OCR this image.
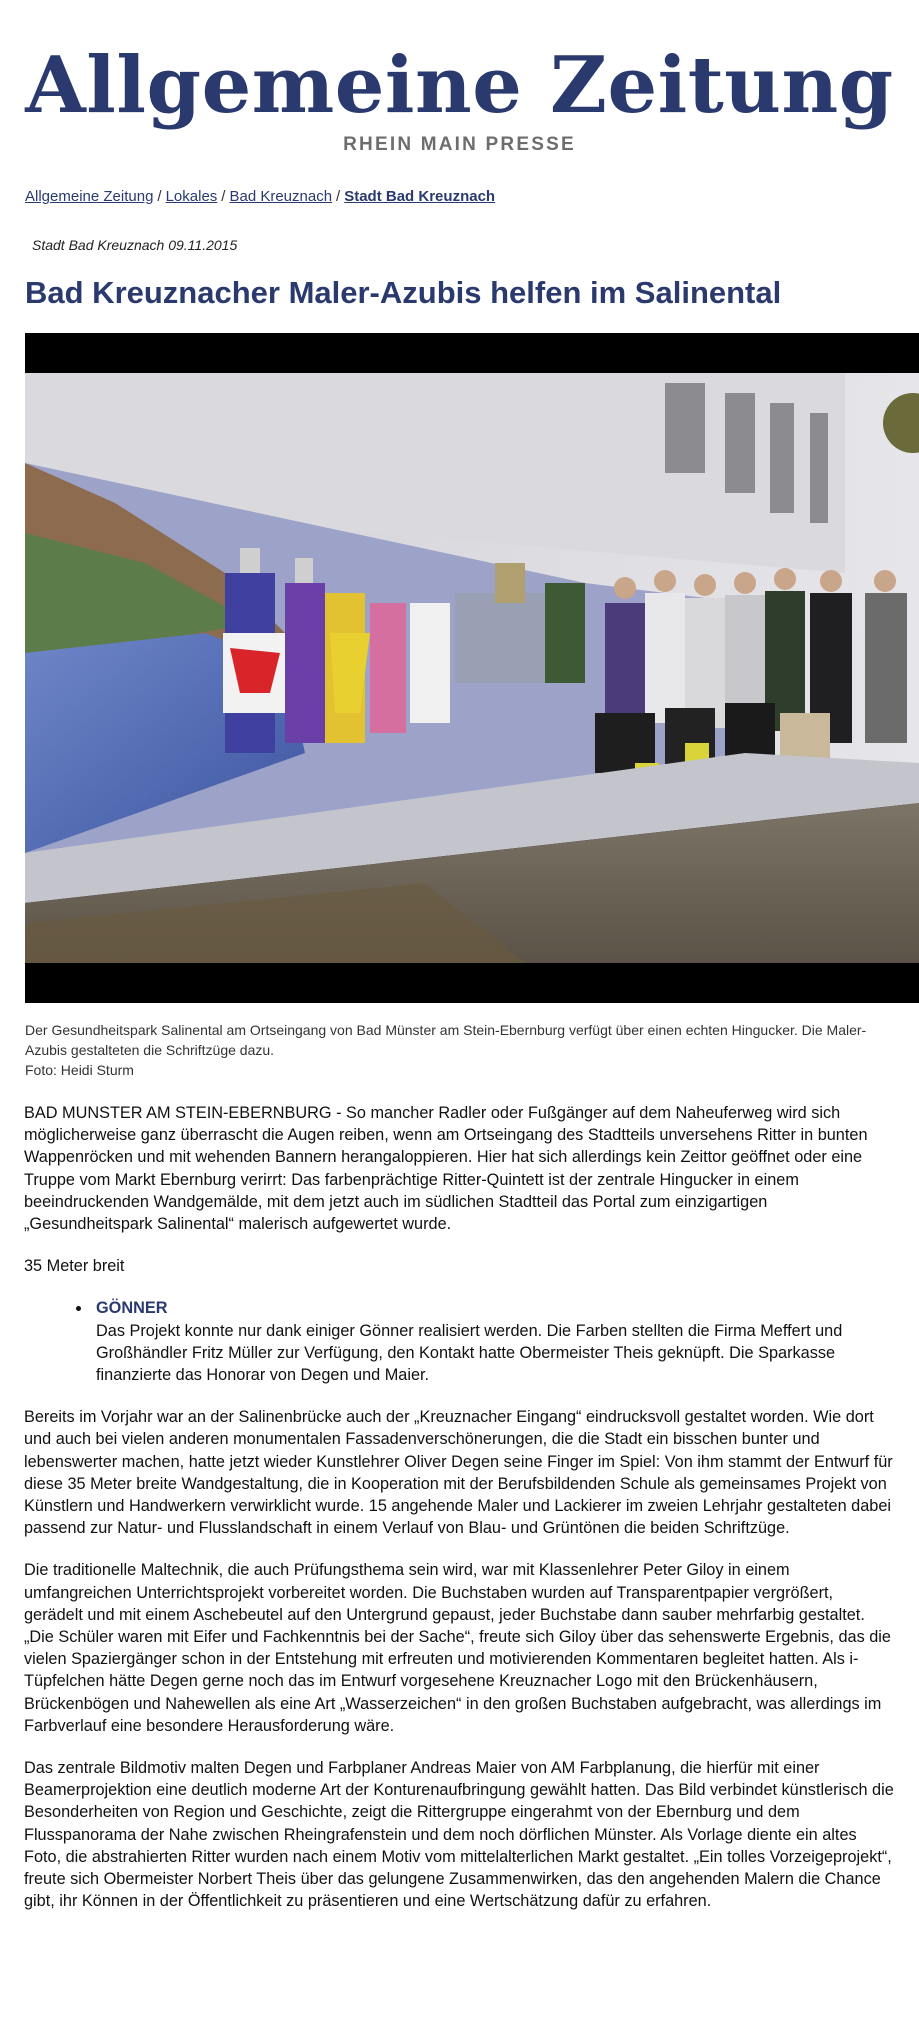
Allgemeine Zeitung
RHEIN MAIN PRESSE
Allgemeine Zeitung / Lokales / Bad Kreuznach / Stadt Bad Kreuznach
Stadt Bad Kreuznach 09.11.2015
Bad Kreuznacher Maler-Azubis helfen im Salinental
Der Gesundheitspark Salinental am Ortseingang von Bad Münster am Stein-Ebernburg verfügt über einen echten Hingucker. Die Maler-Azubis gestalteten die Schriftzüge dazu.
Foto: Heidi Sturm

BAD MUNSTER AM STEIN-EBERNBURG - So mancher Radler oder Fußgänger auf dem Naheuferweg wird sich möglicherweise ganz überrascht die Augen reiben, wenn am Ortseingang des Stadtteils unversehens Ritter in bunten Wappenröcken und mit wehenden Bannern herangaloppieren. Hier hat sich allerdings kein Zeittor geöffnet oder eine Truppe vom Markt Ebernburg verirrt: Das farbenprächtige Ritter-Quintett ist der zentrale Hingucker in einem beeindruckenden Wandgemälde, mit dem jetzt auch im südlichen Stadtteil das Portal zum einzigartigen „Gesundheitspark Salinental“ malerisch aufgewertet wurde.

35 Meter breit
• GÖNNER
Das Projekt konnte nur dank einiger Gönner realisiert werden. Die Farben stellten die Firma Meffert und Großhändler Fritz Müller zur Verfügung, den Kontakt hatte Obermeister Theis geknüpft. Die Sparkasse finanzierte das Honorar von Degen und Maier.

Bereits im Vorjahr war an der Salinenbrücke auch der „Kreuznacher Eingang“ eindrucksvoll gestaltet worden. Wie dort und auch bei vielen anderen monumentalen Fassadenverschönerungen, die die Stadt ein bisschen bunter und lebenswerter machen, hatte jetzt wieder Kunstlehrer Oliver Degen seine Finger im Spiel: Von ihm stammt der Entwurf für diese 35 Meter breite Wandgestaltung, die in Kooperation mit der Berufsbildenden Schule als gemeinsames Projekt von Künstlern und Handwerkern verwirklicht wurde. 15 angehende Maler und Lackierer im zweien Lehrjahr gestalteten dabei passend zur Natur- und Flusslandschaft in einem Verlauf von Blau- und Grüntönen die beiden Schriftzüge.

Die traditionelle Maltechnik, die auch Prüfungsthema sein wird, war mit Klassenlehrer Peter Giloy in einem umfangreichen Unterrichtsprojekt vorbereitet worden. Die Buchstaben wurden auf Transparentpapier vergrößert, gerädelt und mit einem Aschebeutel auf den Untergrund gepaust, jeder Buchstabe dann sauber mehrfarbig gestaltet. „Die Schüler waren mit Eifer und Fachkenntnis bei der Sache“, freute sich Giloy über das sehenswerte Ergebnis, das die vielen Spaziergänger schon in der Entstehung mit erfreuten und motivierenden Kommentaren begleitet hatten. Als i-Tüpfelchen hätte Degen gerne noch das im Entwurf vorgesehene Kreuznacher Logo mit den Brückenhäusern, Brückenbögen und Nahewellen als eine Art „Wasserzeichen“ in den großen Buchstaben aufgebracht, was allerdings im Farbverlauf eine besondere Herausforderung wäre.

Das zentrale Bildmotiv malten Degen und Farbplaner Andreas Maier von AM Farbplanung, die hierfür mit einer Beamerprojektion eine deutlich moderne Art der Konturenaufbringung gewählt hatten. Das Bild verbindet künstlerisch die Besonderheiten von Region und Geschichte, zeigt die Rittergruppe eingerahmt von der Ebernburg und dem Flusspanorama der Nahe zwischen Rheingrafenstein und dem noch dörflichen Münster. Als Vorlage diente ein altes Foto, die abstrahierten Ritter wurden nach einem Motiv vom mittelalterlichen Markt gestaltet. „Ein tolles Vorzeigeprojekt“, freute sich Obermeister Norbert Theis über das gelungene Zusammenwirken, das den angehenden Malern die Chance gibt, ihr Können in der Öffentlichkeit zu präsentieren und eine Wertschätzung dafür zu erfahren.
